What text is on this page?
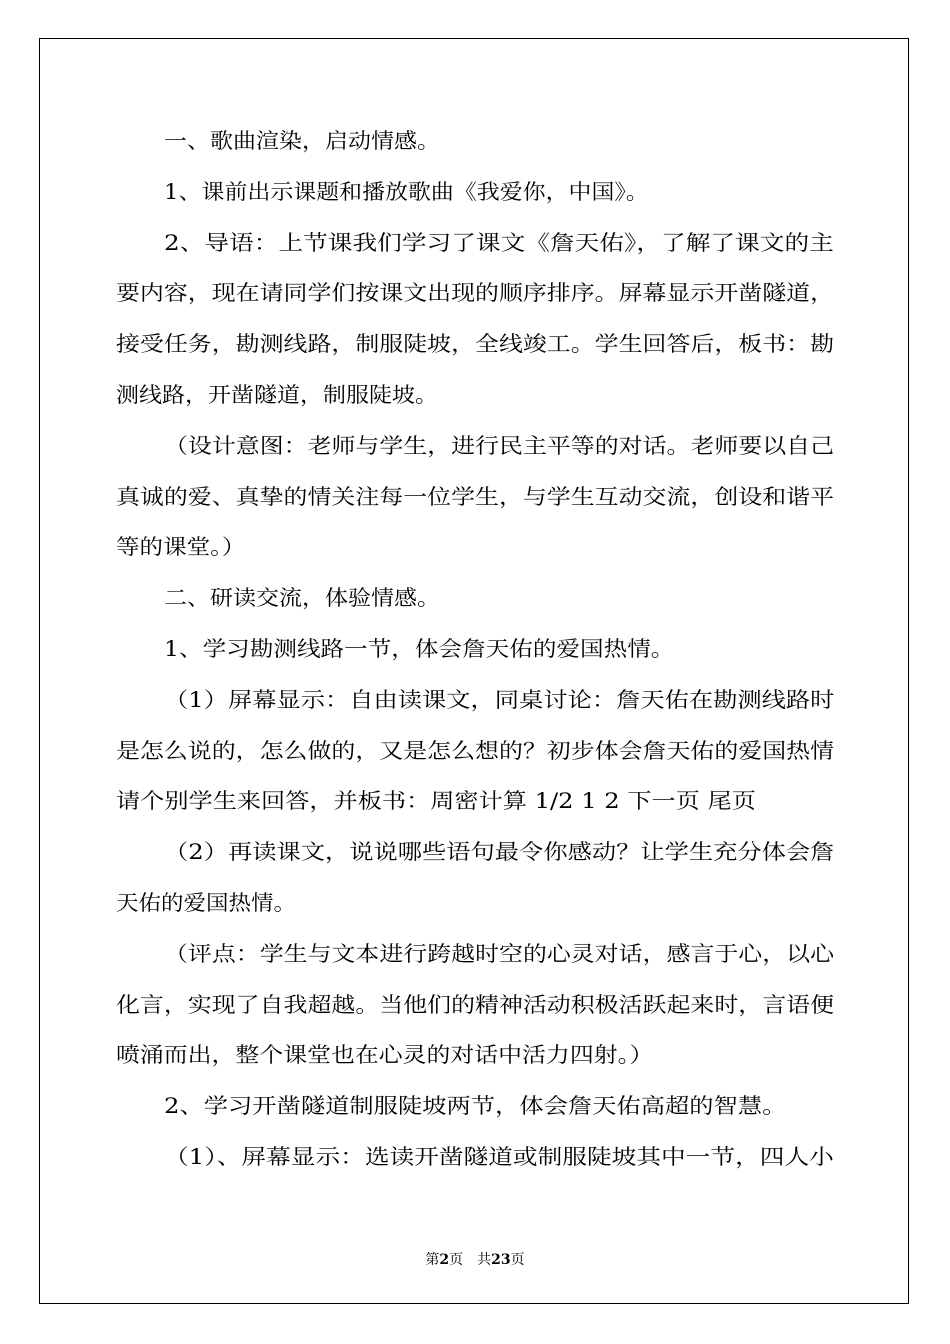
一、歌曲渲染，启动情感。
1、课前出示课题和播放歌曲《我爱你，中国》。
2、导语：上节课我们学习了课文《詹天佑》，了解了课文的主
要内容，现在请同学们按课文出现的顺序排序。屏幕显示开凿隧道，
接受任务，勘测线路，制服陡坡，全线竣工。学生回答后，板书：勘
测线路，开凿隧道，制服陡坡。
（设计意图：老师与学生，进行民主平等的对话。老师要以自己
真诚的爱、真挚的情关注每一位学生，与学生互动交流，创设和谐平
等的课堂。）
二、研读交流，体验情感。
1、学习勘测线路一节，体会詹天佑的爱国热情。
（1）屏幕显示：自由读课文，同桌讨论：詹天佑在勘测线路时
是怎么说的，怎么做的，又是怎么想的？初步体会詹天佑的爱国热情
请个别学生来回答，并板书：周密计算 1/2 1 2 下一页 尾页
（2）再读课文，说说哪些语句最令你感动？让学生充分体会詹
天佑的爱国热情。
（评点：学生与文本进行跨越时空的心灵对话，感言于心，以心
化言，实现了自我超越。当他们的精神活动积极活跃起来时，言语便
喷涌而出，整个课堂也在心灵的对话中活力四射。）
2、学习开凿隧道制服陡坡两节，体会詹天佑高超的智慧。
（1）、屏幕显示：选读开凿隧道或制服陡坡其中一节，四人小
第2页　共23页
